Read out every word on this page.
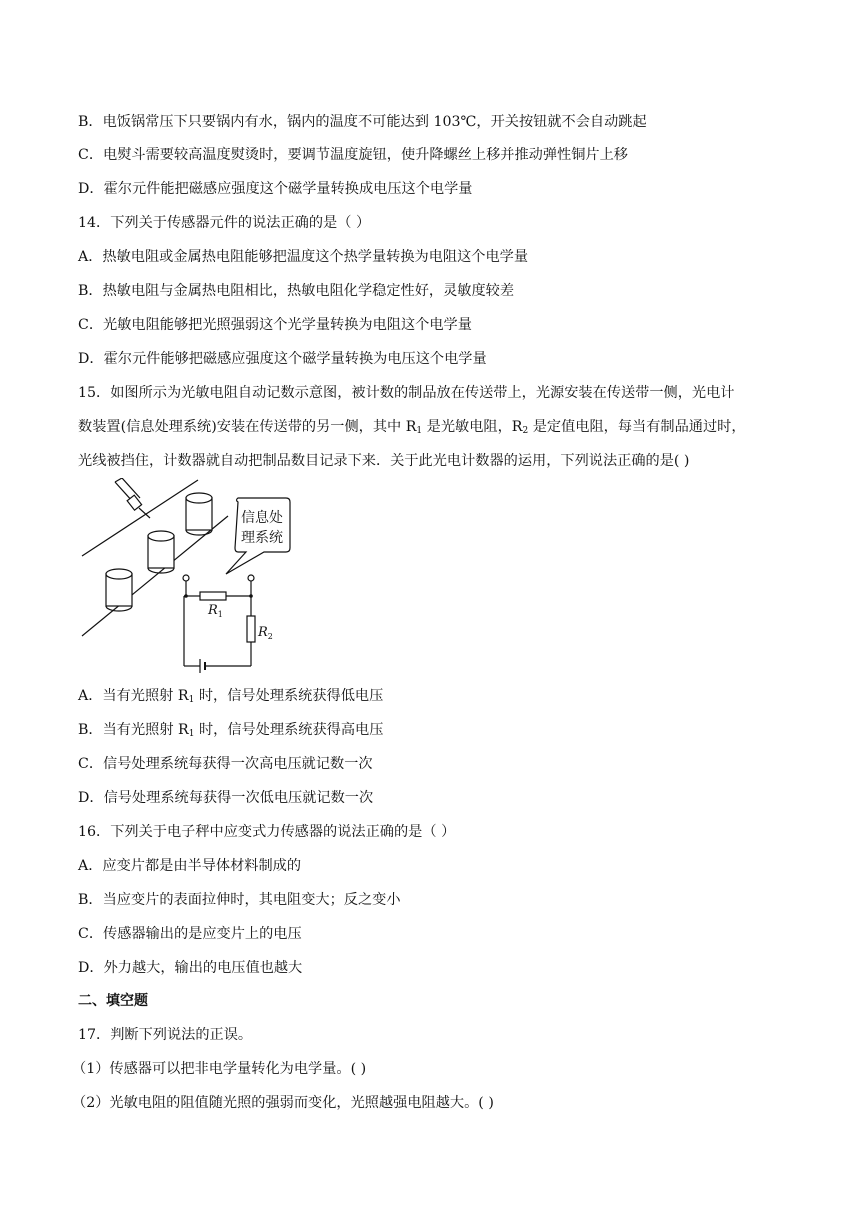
B．电饭锅常压下只要锅内有水，锅内的温度不可能达到 103℃，开关按钮就不会自动跳起
C．电熨斗需要较高温度熨烫时，要调节温度旋钮，使升降螺丝上移并推动弹性铜片上移
D．霍尔元件能把磁感应强度这个磁学量转换成电压这个电学量
14．下列关于传感器元件的说法正确的是（ ）
A．热敏电阻或金属热电阻能够把温度这个热学量转换为电阻这个电学量
B．热敏电阻与金属热电阻相比，热敏电阻化学稳定性好，灵敏度较差
C．光敏电阻能够把光照强弱这个光学量转换为电阻这个电学量
D．霍尔元件能够把磁感应强度这个磁学量转换为电压这个电学量
15．如图所示为光敏电阻自动记数示意图，被计数的制品放在传送带上，光源安装在传送带一侧，光电计
数装置(信息处理系统)安装在传送带的另一侧，其中 $R_1$ 是光敏电阻，$R_2$ 是定值电阻，每当有制品通过时，
光线被挡住，计数器就自动把制品数目记录下来．关于此光电计数器的运用，下列说法正确的是( )
信息处
理系统
$R_1$
$R_2$
A．当有光照射 $R_1$ 时，信号处理系统获得低电压
B．当有光照射 $R_1$ 时，信号处理系统获得高电压
C．信号处理系统每获得一次高电压就记数一次
D．信号处理系统每获得一次低电压就记数一次
16．下列关于电子秤中应变式力传感器的说法正确的是（ ）
A．应变片都是由半导体材料制成的
B．当应变片的表面拉伸时，其电阻变大；反之变小
C．传感器输出的是应变片上的电压
D．外力越大，输出的电压值也越大
二、填空题
17．判断下列说法的正误。
（1）传感器可以把非电学量转化为电学量。( )
（2）光敏电阻的阻值随光照的强弱而变化，光照越强电阻越大。( )
